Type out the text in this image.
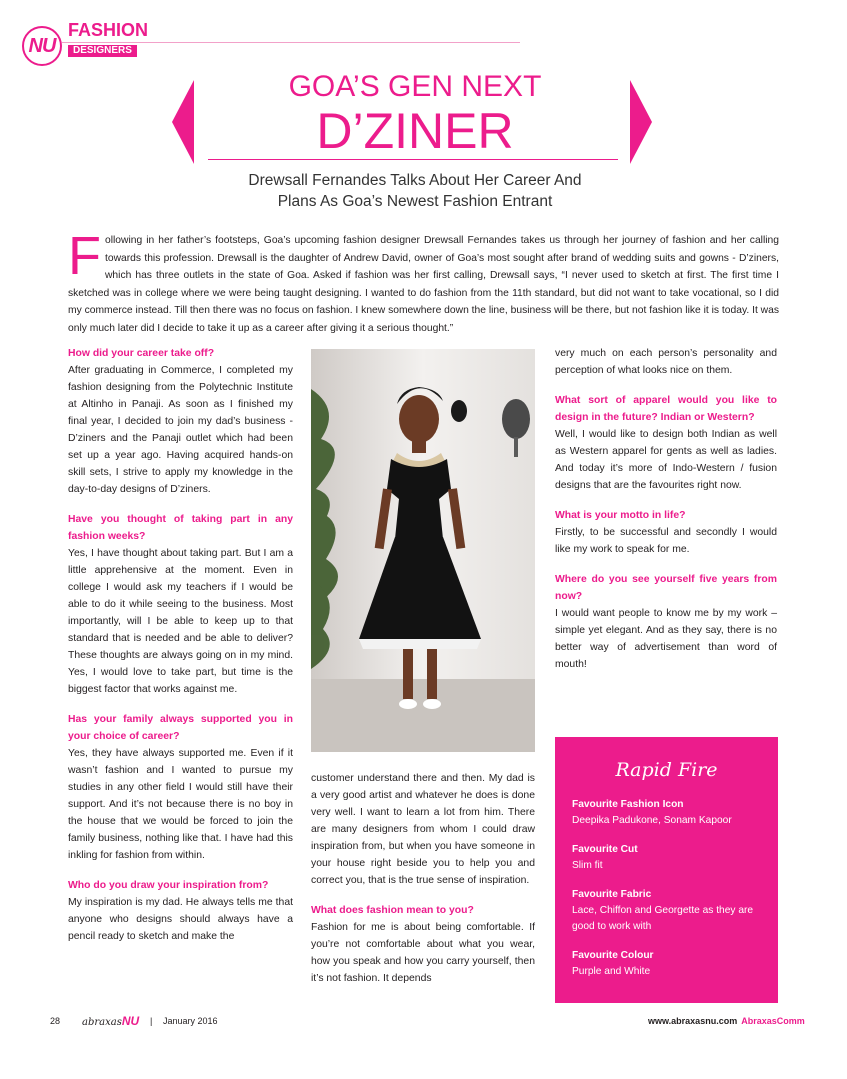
NU
FASHION
DESIGNERS
GOA’S GEN NEXT
D’ZINER
Drewsall Fernandes Talks About Her Career And
Plans As Goa’s Newest Fashion Entrant
Following in her father’s footsteps, Goa’s upcoming fashion designer Drewsall Fernandes takes us through her journey of fashion and her calling towards this profession. Drewsall is the daughter of Andrew David, owner of Goa’s most sought after brand of wedding suits and gowns - D’ziners, which has three outlets in the state of Goa. Asked if fashion was her first calling, Drewsall says, “I never used to sketch at first. The first time I sketched was in college where we were being taught designing. I wanted to do fashion from the 11th standard, but did not want to take vocational, so I did my commerce instead. Till then there was no focus on fashion. I knew somewhere down the line, business will be there, but not fashion like it is today. It was only much later did I decide to take it up as a career after giving it a serious thought.”
How did your career take off?

After graduating in Commerce, I completed my fashion designing from the Polytechnic Institute at Altinho in Panaji. As soon as I finished my final year, I decided to join my dad’s business - D’ziners and the Panaji outlet which had been set up a year ago. Having acquired hands-on skill sets, I strive to apply my knowledge in the day-to-day designs of D’ziners.

Have you thought of taking part in any fashion weeks?

Yes, I have thought about taking part. But I am a little apprehensive at the moment. Even in college I would ask my teachers if I would be able to do it while seeing to the business. Most importantly, will I be able to keep up to that standard that is needed and be able to deliver? These thoughts are always going on in my mind. Yes, I would love to take part, but time is the biggest factor that works against me.

Has your family always supported you in your choice of career?

Yes, they have always supported me. Even if it wasn’t fashion and I wanted to pursue my studies in any other field I would still have their support. And it’s not because there is no boy in the house that we would be forced to join the family business, nothing like that. I have had this inkling for fashion from within.

Who do you draw your inspiration from?

My inspiration is my dad. He always tells me that anyone who designs should always have a pencil ready to sketch and make the

customer understand there and then. My dad is a very good artist and whatever he does is done very well. I want to learn a lot from him. There are many designers from whom I could draw inspiration from, but when you have someone in your house right beside you to help you and correct you, that is the true sense of inspiration.

What does fashion mean to you?

Fashion for me is about being comfortable. If you’re not comfortable about what you wear, how you speak and how you carry yourself, then it’s not fashion. It depends

very much on each person’s personality and perception of what looks nice on them.

What sort of apparel would you like to design in the future? Indian or Western?

Well, I would like to design both Indian as well as Western apparel for gents as well as ladies. And today it’s more of Indo-Western / fusion designs that are the favourites right now.

What is your motto in life?

Firstly, to be successful and secondly I would like my work to speak for me.

Where do you see yourself five years from now?

I would want people to know me by my work – simple yet elegant. And as they say, there is no better way of advertisement than word of mouth!

Rapid Fire
Favourite Fashion Icon
Deepika Padukone, Sonam Kapoor
Favourite Cut
Slim fit
Favourite Fabric
Lace, Chiffon and Georgette as they are good to work with
Favourite Colour
Purple and White
28 abraxasNU | January 2016	www.abraxasnu.com AbraxasComm
